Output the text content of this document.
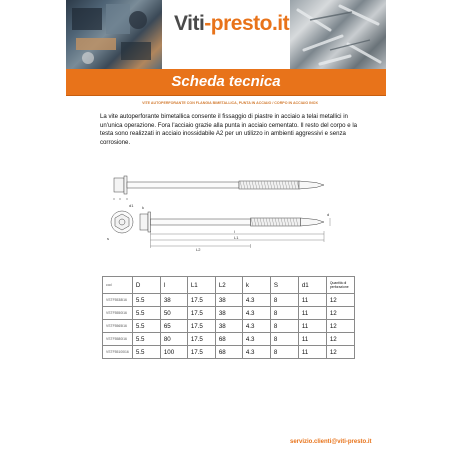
Viti-presto.it
Scheda tecnica
VITE AUTOPERFORANTE CON FLANGIA BIMETALLICA, PUNTA IN ACCIAIO / CORPO IN ACCIAIO INOX
La vite autoperforante bimetallica consente il fissaggio di piastre in acciaio a telai metallici in un'unica operazione. Fora l'acciaio grazie alla punta in acciaio cementato. Il resto del corpo e la testa sono realizzati in acciaio inossidabile A2 per un utilizzo in ambienti aggressivi e senza corrosione.
s
l
L1
L2
k
d1
d
cod	D	l	L1	L2	k	S	d1	Quantità di perforazione
VSTF5538I16	5.5	38	17.5	38	4.3	8	11	12
VSTF5550I16	5.5	50	17.5	38	4.3	8	11	12
VSTF5565I16	5.5	65	17.5	38	4.3	8	11	12
VSTF5580I16	5.5	80	17.5	68	4.3	8	11	12
VSTF55100I16	5.5	100	17.5	68	4.3	8	11	12
servizio.clienti@viti-presto.it
